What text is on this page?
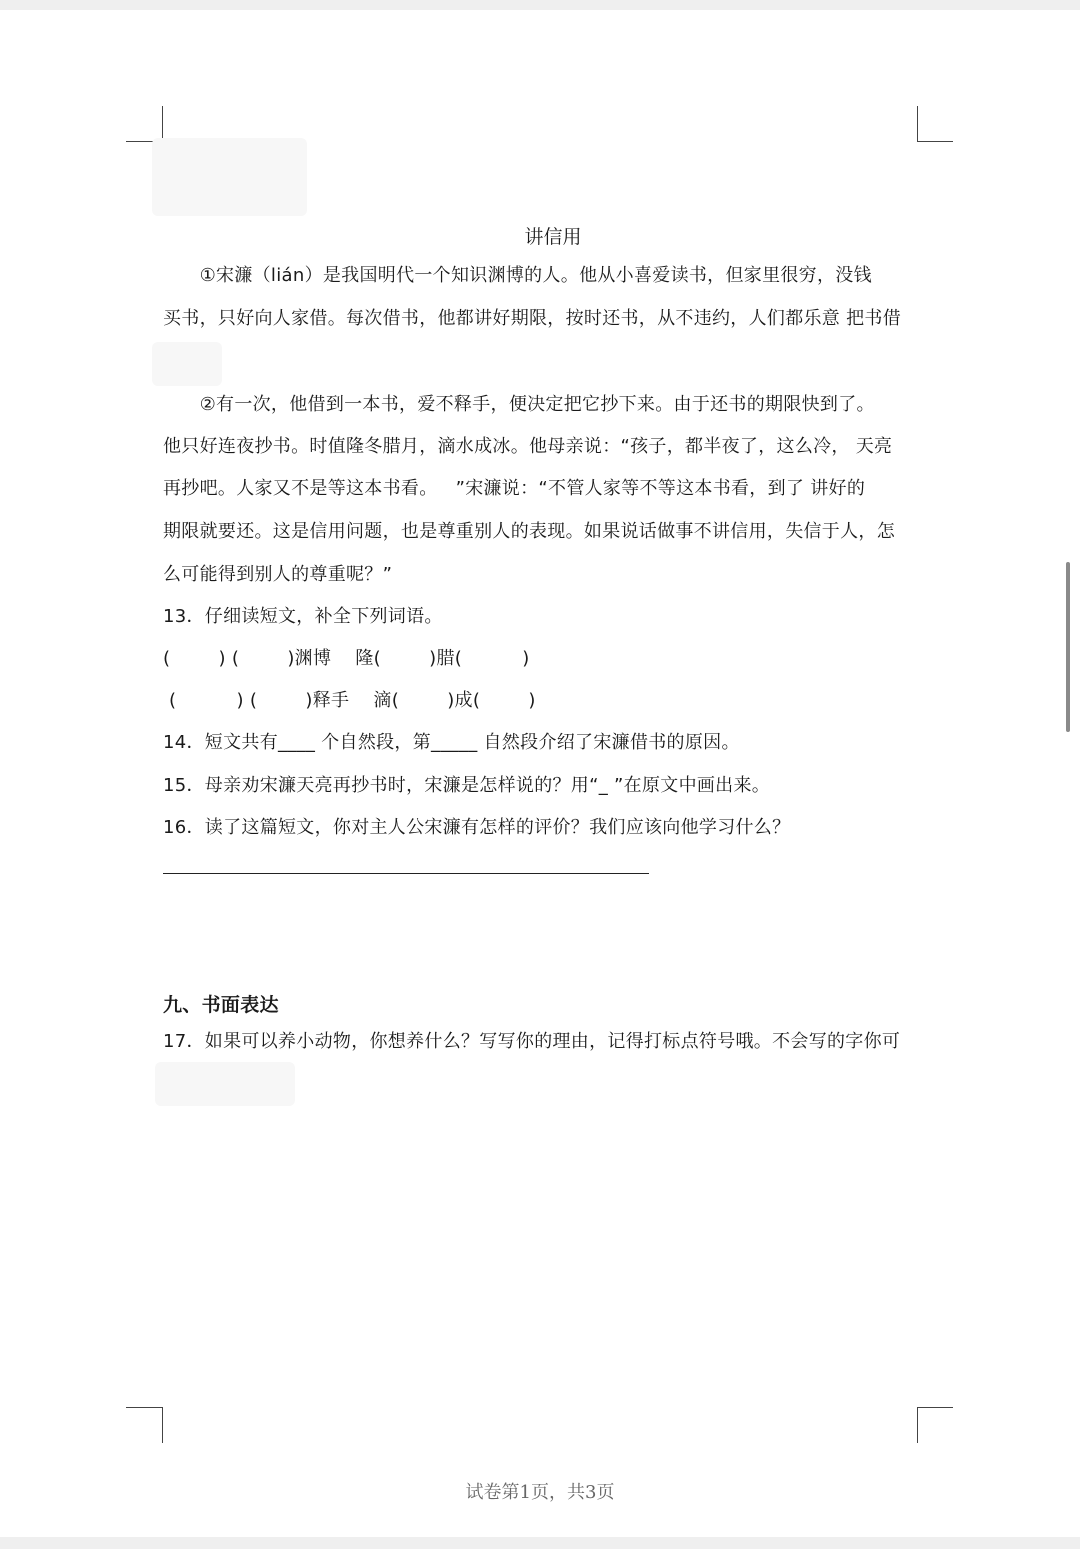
讲信用
　　①宋濂（lián）是我国明代一个知识渊博的人。他从小喜爱读书，但家里很穷，没钱
买书，只好向人家借。每次借书，他都讲好期限，按时还书，从不违约，人们都乐意 把书借
　　②有一次，他借到一本书，爱不释手，便决定把它抄下来。由于还书的期限快到了。
他只好连夜抄书。时值隆冬腊月，滴水成冰。他母亲说：“孩子，都半夜了，这么冷， 天亮
再抄吧。人家又不是等这本书看。   ”宋濂说：“不管人家等不等这本书看，到了 讲好的
期限就要还。这是信用问题，也是尊重别人的表现。如果说话做事不讲信用，失信于人，怎
么可能得到别人的尊重呢？”
13．仔细读短文，补全下列词语。
(        ) (        )渊博    隆(        )腊(          )
(          ) (        )释手    滴(        )成(        )
14．短文共有____ 个自然段，第_____ 自然段介绍了宋濂借书的原因。
15．母亲劝宋濂天亮再抄书时，宋濂是怎样说的？用“_ ”在原文中画出来。
16．读了这篇短文，你对主人公宋濂有怎样的评价？我们应该向他学习什么？
九、书面表达
17．如果可以养小动物，你想养什么？写写你的理由，记得打标点符号哦。不会写的字你可
试卷第1页，共3页
